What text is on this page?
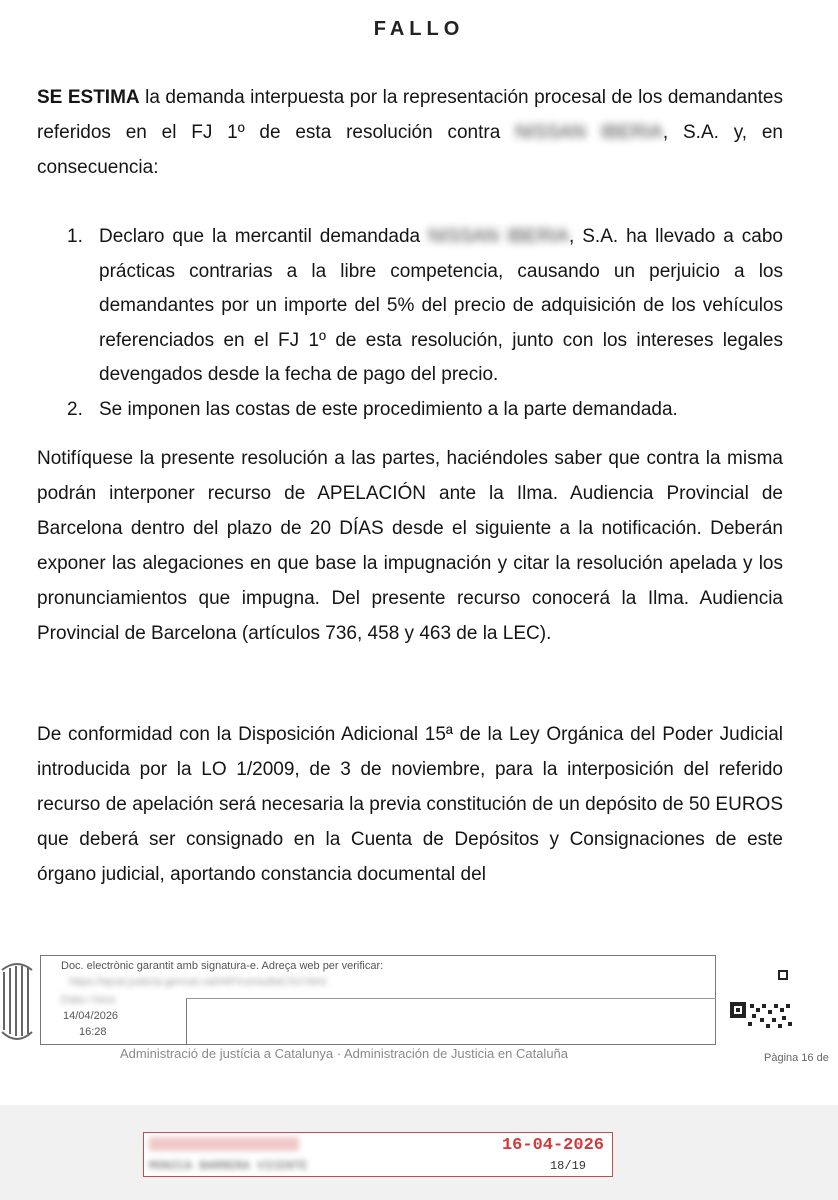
FALLO
SE ESTIMA la demanda interpuesta por la representación procesal de los demandantes referidos en el FJ 1º de esta resolución contra NISSAN IBERIA, S.A. y, en consecuencia:
1. Declaro que la mercantil demandada NISSAN IBERIA, S.A. ha llevado a cabo prácticas contrarias a la libre competencia, causando un perjuicio a los demandantes por un importe del 5% del precio de adquisición de los vehículos referenciados en el FJ 1º de esta resolución, junto con los intereses legales devengados desde la fecha de pago del precio.
2. Se imponen las costas de este procedimiento a la parte demandada.
Notifíquese la presente resolución a las partes, haciéndoles saber que contra la misma podrán interponer recurso de APELACIÓN ante la Ilma. Audiencia Provincial de Barcelona dentro del plazo de 20 DÍAS desde el siguiente a la notificación. Deberán exponer las alegaciones en que base la impugnación y citar la resolución apelada y los pronunciamientos que impugna. Del presente recurso conocerá la Ilma. Audiencia Provincial de Barcelona (artículos 736, 458 y 463 de la LEC).
De conformidad con la Disposición Adicional 15ª de la Ley Orgánica del Poder Judicial introducida por la LO 1/2009, de 3 de noviembre, para la interposición del referido recurso de apelación será necesaria la previa constitución de un depósito de 50 EUROS que deberá ser consignado en la Cuenta de Depósitos y Consignaciones de este órgano judicial, aportando constancia documental del
Doc. electrònic garantit amb signatura-e. Adreça web per verificar:
https://ejcat.justicia.gencat.cat/IAP/consultaCSV.html
Data i hora
14/04/2026
16:28
Administració de justícia a Catalunya · Administración de Justicia en Cataluña	Pàgina 16 de
MONICA BARRERA VICENTE
16-04-2026
18/19
